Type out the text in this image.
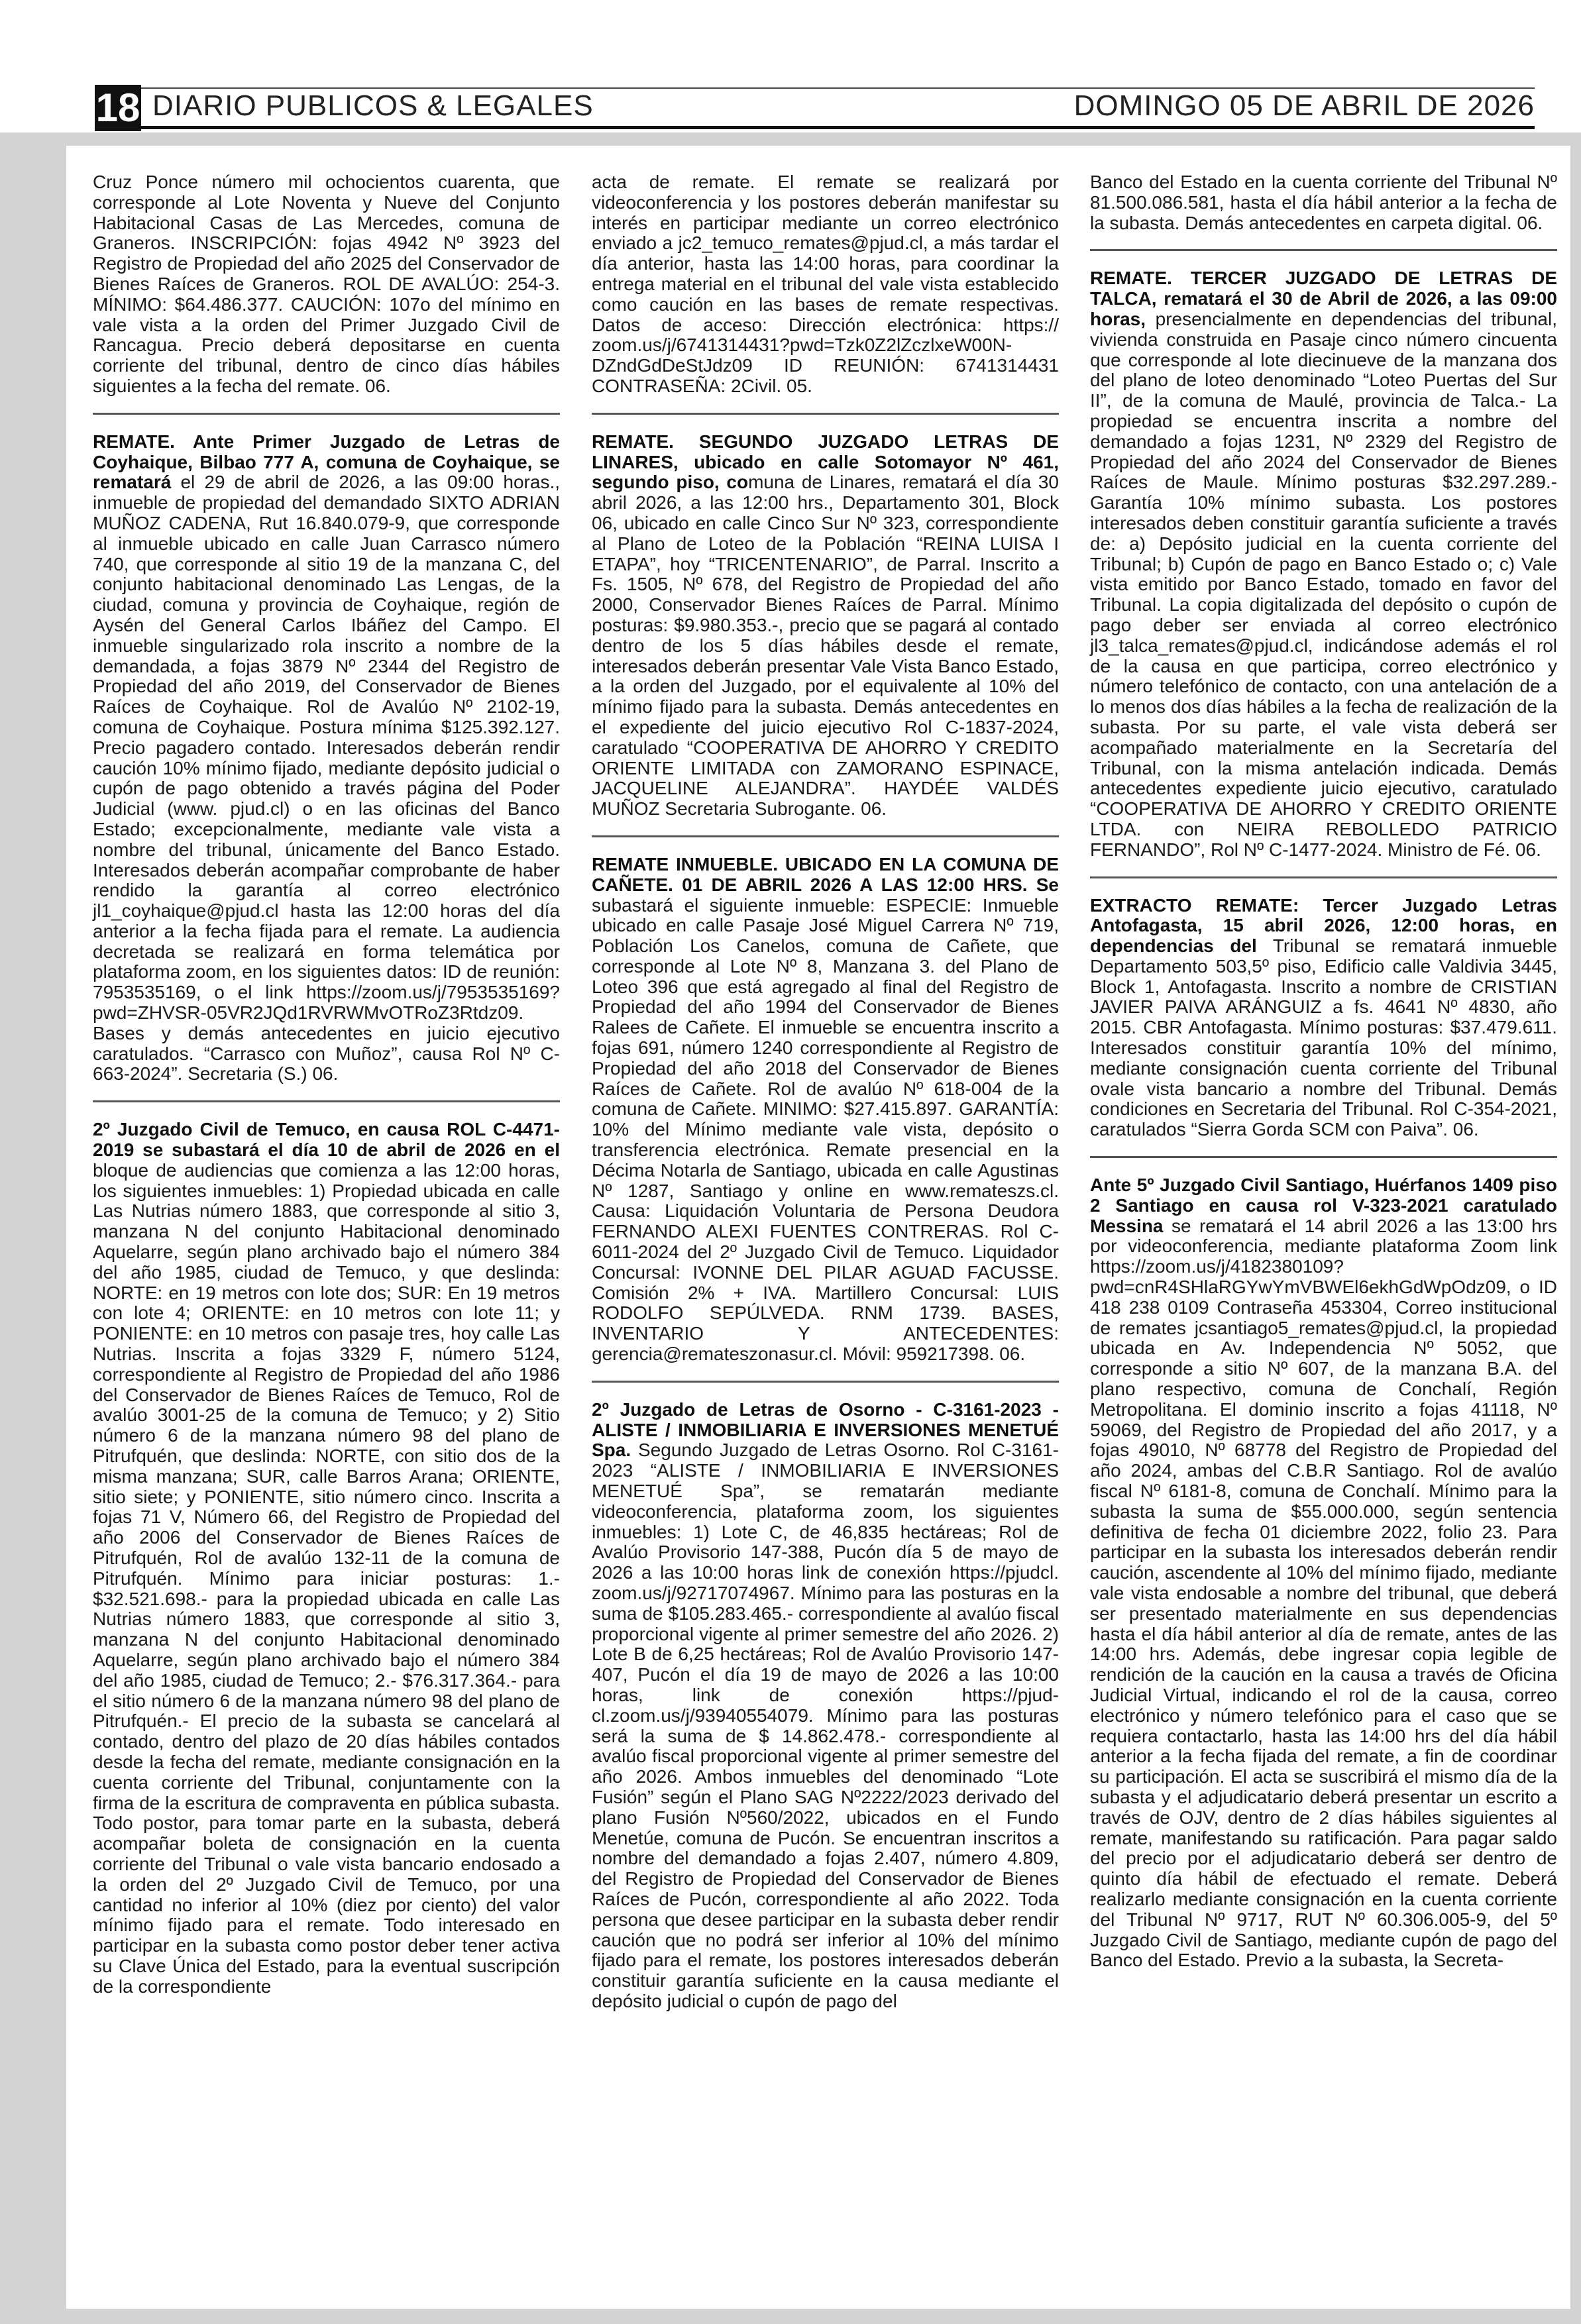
18 DIARIO PUBLICOS & LEGALES	DOMINGO 05 DE ABRIL DE 2026

Cruz Ponce número mil ochocientos cuarenta, que corresponde al Lote Noventa y Nueve del Conjunto Habitacional Casas de Las Mercedes, comuna de Graneros. INSCRIPCIÓN: fojas 4942 Nº 3923 del Registro de Propiedad del año 2025 del Conservador de Bienes Raíces de Graneros. ROL DE AVALÚO: 254-3. MÍNIMO: $64.486.377. CAUCIÓN: 107o del mínimo en vale vista a la orden del Primer Juzgado Civil de Rancagua. Precio deberá depositarse en cuenta corriente del tribunal, dentro de cinco días hábiles siguientes a la fecha del remate. 06.

REMATE. Ante Primer Juzgado de Letras de Coyhaique, Bilbao 777 A, comuna de Coyhaique, se rematará el 29 de abril de 2026, a las 09:00 horas., inmueble de propiedad del demandado SIXTO ADRIAN MUÑOZ CADENA, Rut 16.840.079-9, que corresponde al inmueble ubicado en calle Juan Carrasco número 740, que corresponde al sitio 19 de la manzana C, del conjunto habitacional denominado Las Lengas, de la ciudad, comuna y provincia de Coyhaique, región de Aysén del General Carlos Ibáñez del Campo. El inmueble singularizado rola inscrito a nombre de la demandada, a fojas 3879 Nº 2344 del Registro de Propiedad del año 2019, del Conservador de Bienes Raíces de Coyhaique. Rol de Avalúo Nº 2102-19, comuna de Coyhaique. Postura mínima $125.392.127. Precio pagadero contado. Interesados deberán rendir caución 10% mínimo fijado, mediante depósito judicial o cupón de pago obtenido a través página del Poder Judicial (www. pjud.cl) o en las oficinas del Banco Estado; excepcionalmente, mediante vale vista a nombre del tribunal, únicamente del Banco Estado. Interesados deberán acompañar comprobante de haber rendido la garantía al correo electrónico jl1_coyhaique@pjud.cl hasta las 12:00 horas del día anterior a la fecha fijada para el remate. La audiencia decretada se realizará en forma telemática por plataforma zoom, en los siguientes datos: ID de reunión: 7953535169, o el link https://zoom.us/j/7953535169?pwd=ZHVSR-05VR2JQd1RVRWMvOTRoZ3Rtdz09. Bases y demás antecedentes en juicio ejecutivo caratulados. “Carrasco con Muñoz”, causa Rol Nº C-663-2024”. Secretaria (S.) 06.

2º Juzgado Civil de Temuco, en causa ROL C-4471-2019 se subastará el día 10 de abril de 2026 en el bloque de audiencias que comienza a las 12:00 horas, los siguientes inmuebles: 1) Propiedad ubicada en calle Las Nutrias número 1883, que corresponde al sitio 3, manzana N del conjunto Habitacional denominado Aquelarre, según plano archivado bajo el número 384 del año 1985, ciudad de Temuco, y que deslinda: NORTE: en 19 metros con lote dos; SUR: En 19 metros con lote 4; ORIENTE: en 10 metros con lote 11; y PONIENTE: en 10 metros con pasaje tres, hoy calle Las Nutrias. Inscrita a fojas 3329 F, número 5124, correspondiente al Registro de Propiedad del año 1986 del Conservador de Bienes Raíces de Temuco, Rol de avalúo 3001-25 de la comuna de Temuco; y 2) Sitio número 6 de la manzana número 98 del plano de Pitrufquén, que deslinda: NORTE, con sitio dos de la misma manzana; SUR, calle Barros Arana; ORIENTE, sitio siete; y PONIENTE, sitio número cinco. Inscrita a fojas 71 V, Número 66, del Registro de Propiedad del año 2006 del Conservador de Bienes Raíces de Pitrufquén, Rol de avalúo 132-11 de la comuna de Pitrufquén. Mínimo para iniciar posturas: 1.- $32.521.698.- para la propiedad ubicada en calle Las Nutrias número 1883, que corresponde al sitio 3, manzana N del conjunto Habitacional denominado Aquelarre, según plano archivado bajo el número 384 del año 1985, ciudad de Temuco; 2.- $76.317.364.- para el sitio número 6 de la manzana número 98 del plano de Pitrufquén.- El precio de la subasta se cancelará al contado, dentro del plazo de 20 días hábiles contados desde la fecha del remate, mediante consignación en la cuenta corriente del Tribunal, conjuntamente con la firma de la escritura de compraventa en pública subasta. Todo postor, para tomar parte en la subasta, deberá acompañar boleta de consignación en la cuenta corriente del Tribunal o vale vista bancario endosado a la orden del 2º Juzgado Civil de Temuco, por una cantidad no inferior al 10% (diez por ciento) del valor mínimo fijado para el remate. Todo interesado en participar en la subasta como postor deber tener activa su Clave Única del Estado, para la eventual suscripción de la correspondiente

acta de remate. El remate se realizará por videoconferencia y los postores deberán manifestar su interés en participar mediante un correo electrónico enviado a jc2_temuco_remates@pjud.cl, a más tardar el día anterior, hasta las 14:00 horas, para coordinar la entrega material en el tribunal del vale vista establecido como caución en las bases de remate respectivas. Datos de acceso: Dirección electrónica: https:// zoom.us/j/6741314431?pwd=Tzk0Z2lZczlxeW00N-DZndGdDeStJdz09 ID REUNIÓN: 6741314431 CONTRASEÑA: 2Civil. 05.

REMATE. SEGUNDO JUZGADO LETRAS DE LINARES, ubicado en calle Sotomayor Nº 461, segundo piso, comuna de Linares, rematará el día 30 abril 2026, a las 12:00 hrs., Departamento 301, Block 06, ubicado en calle Cinco Sur Nº 323, correspondiente al Plano de Loteo de la Población “REINA LUISA I ETAPA”, hoy “TRICENTENARIO”, de Parral. Inscrito a Fs. 1505, Nº 678, del Registro de Propiedad del año 2000, Conservador Bienes Raíces de Parral. Mínimo posturas: $9.980.353.-, precio que se pagará al contado dentro de los 5 días hábiles desde el remate, interesados deberán presentar Vale Vista Banco Estado, a la orden del Juzgado, por el equivalente al 10% del mínimo fijado para la subasta. Demás antecedentes en el expediente del juicio ejecutivo Rol C-1837-2024, caratulado “COOPERATIVA DE AHORRO Y CREDITO ORIENTE LIMITADA con ZAMORANO ESPINACE, JACQUELINE ALEJANDRA”. HAYDÉE VALDÉS MUÑOZ Secretaria Subrogante. 06.

REMATE INMUEBLE. UBICADO EN LA COMUNA DE CAÑETE. 01 DE ABRIL 2026 A LAS 12:00 HRS. Se subastará el siguiente inmueble: ESPECIE: Inmueble ubicado en calle Pasaje José Miguel Carrera Nº 719, Población Los Canelos, comuna de Cañete, que corresponde al Lote Nº 8, Manzana 3. del Plano de Loteo 396 que está agregado al final del Registro de Propiedad del año 1994 del Conservador de Bienes Ralees de Cañete. El inmueble se encuentra inscrito a fojas 691, número 1240 correspondiente al Registro de Propiedad del año 2018 del Conservador de Bienes Raíces de Cañete. Rol de avalúo Nº 618-004 de la comuna de Cañete. MINIMO: $27.415.897. GARANTÍA: 10% del Mínimo mediante vale vista, depósito o transferencia electrónica. Remate presencial en la Décima Notarla de Santiago, ubicada en calle Agustinas Nº 1287, Santiago y online en www.remateszs.cl. Causa: Liquidación Voluntaria de Persona Deudora FERNANDO ALEXI FUENTES CONTRERAS. Rol C-6011-2024 del 2º Juzgado Civil de Temuco. Liquidador Concursal: IVONNE DEL PILAR AGUAD FACUSSE. Comisión 2% + IVA. Martillero Concursal: LUIS RODOLFO SEPÚLVEDA. RNM 1739. BASES, INVENTARIO Y ANTECEDENTES: gerencia@remateszonasur.cl. Móvil: 959217398. 06.

2º Juzgado de Letras de Osorno - C-3161-2023 - ALISTE / INMOBILIARIA E INVERSIONES MENETUÉ Spa. Segundo Juzgado de Letras Osorno. Rol C-3161-2023 “ALISTE / INMOBILIARIA E INVERSIONES MENETUÉ Spa”, se rematarán mediante videoconferencia, plataforma zoom, los siguientes inmuebles: 1) Lote C, de 46,835 hectáreas; Rol de Avalúo Provisorio 147-388, Pucón día 5 de mayo de 2026 a las 10:00 horas link de conexión https://pjudcl. zoom.us/j/92717074967. Mínimo para las posturas en la suma de $105.283.465.- correspondiente al avalúo fiscal proporcional vigente al primer semestre del año 2026. 2) Lote B de 6,25 hectáreas; Rol de Avalúo Provisorio 147-407, Pucón el día 19 de mayo de 2026 a las 10:00 horas, link de conexión https://pjud-cl.zoom.us/j/93940554079. Mínimo para las posturas será la suma de $ 14.862.478.- correspondiente al avalúo fiscal proporcional vigente al primer semestre del año 2026. Ambos inmuebles del denominado “Lote Fusión” según el Plano SAG Nº2222/2023 derivado del plano Fusión Nº560/2022, ubicados en el Fundo Menetúe, comuna de Pucón. Se encuentran inscritos a nombre del demandado a fojas 2.407, número 4.809, del Registro de Propiedad del Conservador de Bienes Raíces de Pucón, correspondiente al año 2022. Toda persona que desee participar en la subasta deber rendir caución que no podrá ser inferior al 10% del mínimo fijado para el remate, los postores interesados deberán constituir garantía suficiente en la causa mediante el depósito judicial o cupón de pago del

Banco del Estado en la cuenta corriente del Tribunal Nº 81.500.086.581, hasta el día hábil anterior a la fecha de la subasta. Demás antecedentes en carpeta digital. 06.

REMATE. TERCER JUZGADO DE LETRAS DE TALCA, rematará el 30 de Abril de 2026, a las 09:00 horas, presencialmente en dependencias del tribunal, vivienda construida en Pasaje cinco número cincuenta que corresponde al lote diecinueve de la manzana dos del plano de loteo denominado “Loteo Puertas del Sur II”, de la comuna de Maulé, provincia de Talca.- La propiedad se encuentra inscrita a nombre del demandado a fojas 1231, Nº 2329 del Registro de Propiedad del año 2024 del Conservador de Bienes Raíces de Maule. Mínimo posturas $32.297.289.- Garantía 10% mínimo subasta. Los postores interesados deben constituir garantía suficiente a través de: a) Depósito judicial en la cuenta corriente del Tribunal; b) Cupón de pago en Banco Estado o; c) Vale vista emitido por Banco Estado, tomado en favor del Tribunal. La copia digitalizada del depósito o cupón de pago deber ser enviada al correo electrónico jl3_talca_remates@pjud.cl, indicándose además el rol de la causa en que participa, correo electrónico y número telefónico de contacto, con una antelación de a lo menos dos días hábiles a la fecha de realización de la subasta. Por su parte, el vale vista deberá ser acompañado materialmente en la Secretaría del Tribunal, con la misma antelación indicada. Demás antecedentes expediente juicio ejecutivo, caratulado “COOPERATIVA DE AHORRO Y CREDITO ORIENTE LTDA. con NEIRA REBOLLEDO PATRICIO FERNANDO”, Rol Nº C-1477-2024. Ministro de Fé. 06.

EXTRACTO REMATE: Tercer Juzgado Letras Antofagasta, 15 abril 2026, 12:00 horas, en dependencias del Tribunal se rematará inmueble Departamento 503,5º piso, Edificio calle Valdivia 3445, Block 1, Antofagasta. Inscrito a nombre de CRISTIAN JAVIER PAIVA ARÁNGUIZ a fs. 4641 Nº 4830, año 2015. CBR Antofagasta. Mínimo posturas: $37.479.611. Interesados constituir garantía 10% del mínimo, mediante consignación cuenta corriente del Tribunal ovale vista bancario a nombre del Tribunal. Demás condiciones en Secretaria del Tribunal. Rol C-354-2021, caratulados “Sierra Gorda SCM con Paiva”. 06.

Ante 5º Juzgado Civil Santiago, Huérfanos 1409 piso 2 Santiago en causa rol V-323-2021 caratulado Messina se rematará el 14 abril 2026 a las 13:00 hrs por videoconferencia, mediante plataforma Zoom link https://zoom.us/j/4182380109?pwd=cnR4SHlaRGYwYmVBWEl6ekhGdWpOdz09, o ID 418 238 0109 Contraseña 453304, Correo institucional de remates jcsantiago5_remates@pjud.cl, la propiedad ubicada en Av. Independencia Nº 5052, que corresponde a sitio Nº 607, de la manzana B.A. del plano respectivo, comuna de Conchalí, Región Metropolitana. El dominio inscrito a fojas 41118, Nº 59069, del Registro de Propiedad del año 2017, y a fojas 49010, Nº 68778 del Registro de Propiedad del año 2024, ambas del C.B.R Santiago. Rol de avalúo fiscal Nº 6181-8, comuna de Conchalí. Mínimo para la subasta la suma de $55.000.000, según sentencia definitiva de fecha 01 diciembre 2022, folio 23. Para participar en la subasta los interesados deberán rendir caución, ascendente al 10% del mínimo fijado, mediante vale vista endosable a nombre del tribunal, que deberá ser presentado materialmente en sus dependencias hasta el día hábil anterior al día de remate, antes de las 14:00 hrs. Además, debe ingresar copia legible de rendición de la caución en la causa a través de Oficina Judicial Virtual, indicando el rol de la causa, correo electrónico y número telefónico para el caso que se requiera contactarlo, hasta las 14:00 hrs del día hábil anterior a la fecha fijada del remate, a fin de coordinar su participación. El acta se suscribirá el mismo día de la subasta y el adjudicatario deberá presentar un escrito a través de OJV, dentro de 2 días hábiles siguientes al remate, manifestando su ratificación. Para pagar saldo del precio por el adjudicatario deberá ser dentro de quinto día hábil de efectuado el remate. Deberá realizarlo mediante consignación en la cuenta corriente del Tribunal Nº 9717, RUT Nº 60.306.005-9, del 5º Juzgado Civil de Santiago, mediante cupón de pago del Banco del Estado. Previo a la subasta, la Secreta-
